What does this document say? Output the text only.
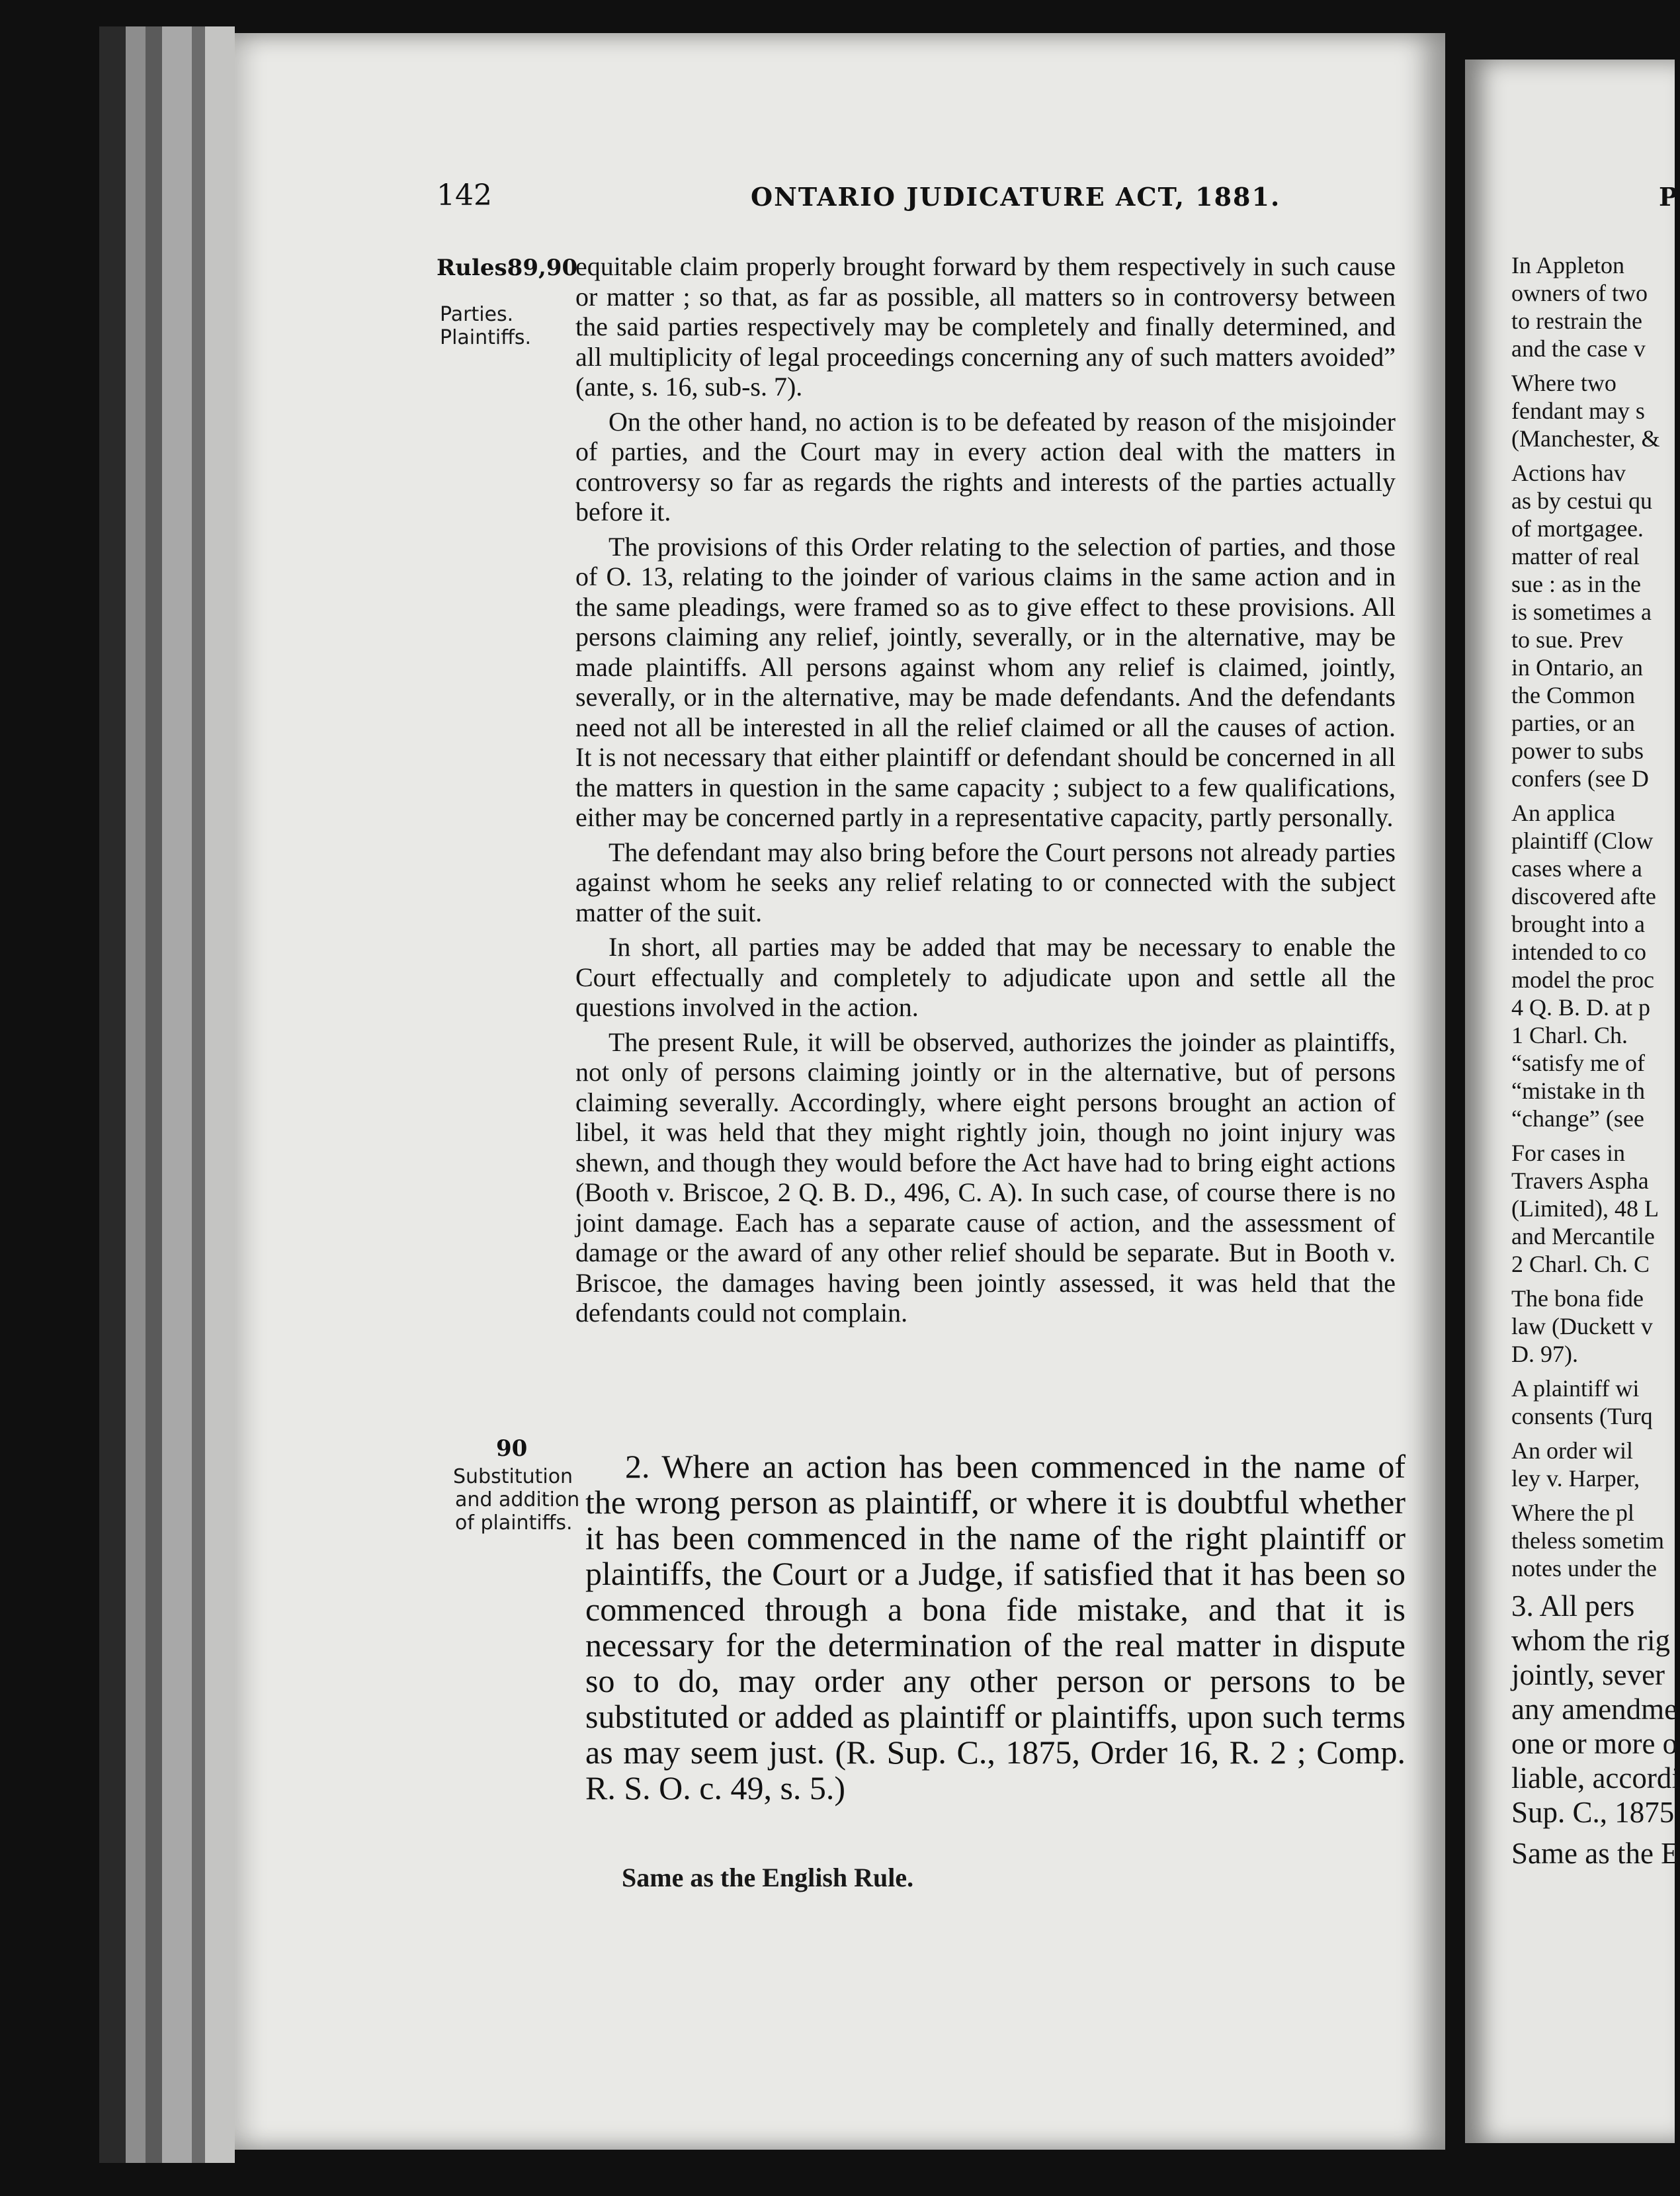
142	ONTARIO JUDICATURE ACT, 1881.
Rules89,90
Parties.
Plaintiffs.
90
Substitution
and addition
of plaintiffs.

equitable claim properly brought forward by them respectively in such cause or matter ; so that, as far as possible, all matters so in controversy between the said parties respectively may be completely and finally determined, and all multiplicity of legal proceedings concerning any of such matters avoided” (ante, s. 16, sub-s. 7).

On the other hand, no action is to be defeated by reason of the misjoinder of parties, and the Court may in every action deal with the matters in controversy so far as regards the rights and interests of the parties actually before it.

The provisions of this Order relating to the selection of parties, and those of O. 13, relating to the joinder of various claims in the same action and in the same pleadings, were framed so as to give effect to these provisions. All persons claiming any relief, jointly, severally, or in the alternative, may be made plaintiffs. All persons against whom any relief is claimed, jointly, severally, or in the alternative, may be made defendants. And the defendants need not all be interested in all the relief claimed or all the causes of action. It is not necessary that either plaintiff or defendant should be concerned in all the matters in question in the same capacity ; subject to a few qualifications, either may be concerned partly in a representative capacity, partly personally.

The defendant may also bring before the Court persons not already parties against whom he seeks any relief relating to or connected with the subject matter of the suit.

In short, all parties may be added that may be necessary to enable the Court effectually and completely to adjudicate upon and settle all the questions involved in the action.

The present Rule, it will be observed, authorizes the joinder as plaintiffs, not only of persons claiming jointly or in the alternative, but of persons claiming severally. Accordingly, where eight persons brought an action of libel, it was held that they might rightly join, though no joint injury was shewn, and though they would before the Act have had to bring eight actions (Booth v. Briscoe, 2 Q. B. D., 496, C. A). In such case, of course there is no joint damage. Each has a separate cause of action, and the assessment of damage or the award of any other relief should be separate. But in Booth v. Briscoe, the damages having been jointly assessed, it was held that the defendants could not complain.

2. Where an action has been commenced in the name of the wrong person as plaintiff, or where it is doubtful whether it has been commenced in the name of the right plaintiff or plaintiffs, the Court or a Judge, if satisfied that it has been so commenced through a bona fide mistake, and that it is necessary for the determination of the real matter in dispute so to do, may order any other person or persons to be substituted or added as plaintiff or plaintiffs, upon such terms as may seem just. (R. Sup. C., 1875, Order 16, R. 2 ; Comp. R. S. O. c. 49, s. 5.)

Same as the English Rule.
P
In Appleton
owners of two
to restrain the
and the case v
Where two
fendant may s
(Manchester, &
Actions hav
as by cestui qu
of mortgagee.
matter of real
sue : as in the
is sometimes a
to sue. Prev
in Ontario, an
the Common
parties, or an
power to subs
confers (see D
An applica
plaintiff (Clow
cases where a
discovered afte
brought into a
intended to co
model the proc
4 Q. B. D. at p
1 Charl. Ch.
“satisfy me of
“mistake in th
“change” (see
For cases in
Travers Aspha
(Limited), 48 L
and Mercantile
2 Charl. Ch. C
The bona fide
law (Duckett v
D. 97).
A plaintiff wi
consents (Turq
An order wil
ley v. Harper,
Where the pl
theless sometim
notes under the
3. All pers
whom the rig
jointly, sever
any amendme
one or more o
liable, accordi
Sup. C., 1875
Same as the E
